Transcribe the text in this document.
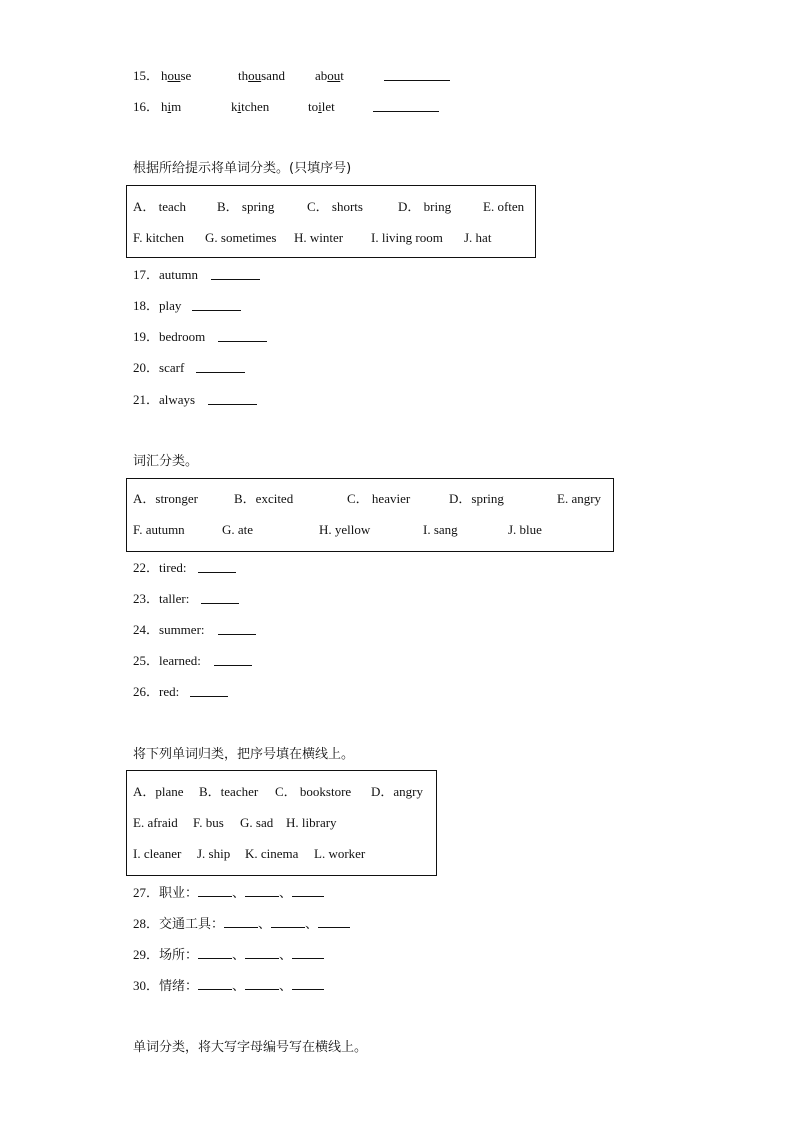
15． house	thousand about
16． him	kitchen	toilet
根据所给提示将单词分类。(只填序号)
A． teach B． spring	C． shorts	D． bring E. often
F. kitchen G. sometimes H. winter I. living room J. hat
17．autumn
18．play
19．bedroom
20．scarf
21．always
词汇分类。
A．stronger	B．excited	C． heavier	D．spring	E. angry
F. autumn	G. ate	H. yellow	I. sang	J. blue
22．tired:
23．taller:
24．summer:
25．learned:
26．red:
将下列单词归类，把序号填在横线上。
A．plane B．teacher C． bookstore D．angry
E. afraid F. bus G. sad H. library
I. cleaner J. ship K. cinema L. worker
27．职业：	、	、
28．交通工具：	、	、
29．场所：	、	、
30．情绪：	、	、
单词分类，将大写字母编号写在横线上。
